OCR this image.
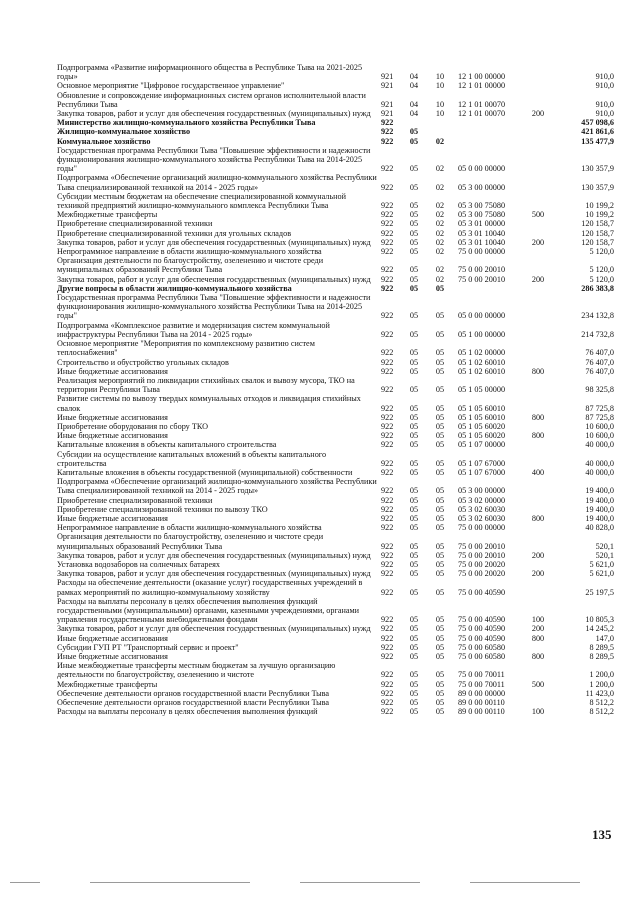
Подпрограмма «Развитие информационного общества в Республике Тыва на 2021-2025 годы»	921	04	10	12 1 00 00000		910,0
Основное мероприятие "Цифровое государственное управление"	921	04	10	12 1 01 00000		910,0
Обновление и сопровождение информационных систем органов исполнительной власти Республики Тыва	921	04	10	12 1 01 00070		910,0
Закупка товаров, работ и услуг для обеспечения государственных (муниципальных) нужд	921	04	10	12 1 01 00070	200	910,0
Министерство жилищно-коммунального хозяйства Республики Тыва	922					457 098,6
Жилищно-коммунальное хозяйство	922	05				421 861,6
Коммунальное хозяйство	922	05	02			135 477,9
Государственная программа Республики Тыва "Повышение эффективности и надежности функционирования жилищно-коммунального хозяйства Республики Тыва на 2014-2025 годы"	922	05	02	05 0 00 00000		130 357,9
Подпрограмма «Обеспечение организаций жилищно-коммунального хозяйства Республики Тыва специализированной техникой на 2014 - 2025 годы»	922	05	02	05 3 00 00000		130 357,9
Субсидии местным бюджетам на обеспечение специализированной коммунальной техникой предприятий жилищно-коммунального комплекса Республики Тыва	922	05	02	05 3 00 75080		10 199,2
Межбюджетные трансферты	922	05	02	05 3 00 75080	500	10 199,2
Приобретение специализированной техники	922	05	02	05 3 01 00000		120 158,7
Приобретение специализированной техники для угольных складов	922	05	02	05 3 01 10040		120 158,7
Закупка товаров, работ и услуг для обеспечения государственных (муниципальных) нужд	922	05	02	05 3 01 10040	200	120 158,7
Непрограммное направление в области жилищно-коммунального хозяйства	922	05	02	75 0 00 00000		5 120,0
Организация деятельности по благоустройству, озеленению и чистоте среди муниципальных образований Республики Тыва	922	05	02	75 0 00 20010		5 120,0
Закупка товаров, работ и услуг для обеспечения государственных (муниципальных) нужд	922	05	02	75 0 00 20010	200	5 120,0
Другие вопросы в области жилищно-коммунального хозяйства	922	05	05			286 383,8
Государственная программа Республики Тыва "Повышение эффективности и надежности функционирования жилищно-коммунального хозяйства Республики Тыва на 2014-2025 годы"	922	05	05	05 0 00 00000		234 132,8
Подпрограмма «Комплексное развитие и модернизация систем коммунальной инфраструктуры Республики Тыва на 2014 - 2025 годы»	922	05	05	05 1 00 00000		214 732,8
Основное мероприятие "Мероприятия по комплексному развитию систем теплоснабжения"	922	05	05	05 1 02 00000		76 407,0
Строительство и обустройство угольных складов	922	05	05	05 1 02 60010		76 407,0
Иные бюджетные ассигнования	922	05	05	05 1 02 60010	800	76 407,0
Реализация мероприятий по ликвидации стихийных свалок и вывозу мусора, ТКО на территории Республики Тыва	922	05	05	05 1 05 00000		98 325,8
Развитие системы по вывозу твердых коммунальных отходов и ликвидация стихийных свалок	922	05	05	05 1 05 60010		87 725,8
Иные бюджетные ассигнования	922	05	05	05 1 05 60010	800	87 725,8
Приобретение оборудования по сбору ТКО	922	05	05	05 1 05 60020		10 600,0
Иные бюджетные ассигнования	922	05	05	05 1 05 60020	800	10 600,0
Капитальные вложения в объекты капитального строительства	922	05	05	05 1 07 00000		40 000,0
Субсидии на осуществление капитальных вложений в объекты капитального строительства	922	05	05	05 1 07 67000		40 000,0
Капитальные вложения в объекты государственной (муниципальной) собственности	922	05	05	05 1 07 67000	400	40 000,0
Подпрограмма «Обеспечение организаций жилищно-коммунального хозяйства Республики Тыва специализированной техникой на 2014 - 2025 годы»	922	05	05	05 3 00 00000		19 400,0
Приобретение специализированной техники	922	05	05	05 3 02 00000		19 400,0
Приобретение специализированной техники по вывозу ТКО	922	05	05	05 3 02 60030		19 400,0
Иные бюджетные ассигнования	922	05	05	05 3 02 60030	800	19 400,0
Непрограммное направление в области жилищно-коммунального хозяйства	922	05	05	75 0 00 00000		40 828,0
Организация деятельности по благоустройству, озеленению и чистоте среди муниципальных образований Республики Тыва	922	05	05	75 0 00 20010		520,1
Закупка товаров, работ и услуг для обеспечения государственных (муниципальных) нужд	922	05	05	75 0 00 20010	200	520,1
Установка водозаборов на солнечных батареях	922	05	05	75 0 00 20020		5 621,0
Закупка товаров, работ и услуг для обеспечения государственных (муниципальных) нужд	922	05	05	75 0 00 20020	200	5 621,0
Расходы на обеспечение деятельности (оказание услуг) государственных учреждений в рамках мероприятий по жилищно-коммунальному хозяйству	922	05	05	75 0 00 40590		25 197,5
Расходы на выплаты персоналу в целях обеспечения выполнения функций государственными (муниципальными) органами, казенными учреждениями, органами управления государственными внебюджетными фондами	922	05	05	75 0 00 40590	100	10 805,3
Закупка товаров, работ и услуг для обеспечения государственных (муниципальных) нужд	922	05	05	75 0 00 40590	200	14 245,2
Иные бюджетные ассигнования	922	05	05	75 0 00 40590	800	147,0
Субсидии ГУП РТ "Транспортный сервис и проект"	922	05	05	75 0 00 60580		8 289,5
Иные бюджетные ассигнования	922	05	05	75 0 00 60580	800	8 289,5
Иные межбюджетные трансферты местным бюджетам за лучшую организацию деятельности по благоустройству, озеленению и чистоте	922	05	05	75 0 00 70011		1 200,0
Межбюджетные трансферты	922	05	05	75 0 00 70011	500	1 200,0
Обеспечение деятельности органов государственной власти Республики Тыва	922	05	05	89 0 00 00000		11 423,0
Обеспечение деятельности органов государственной власти Республики Тыва	922	05	05	89 0 00 00110		8 512,2
Расходы на выплаты персоналу в целях обеспечения выполнения функций	922	05	05	89 0 00 00110	100	8 512,2
135
